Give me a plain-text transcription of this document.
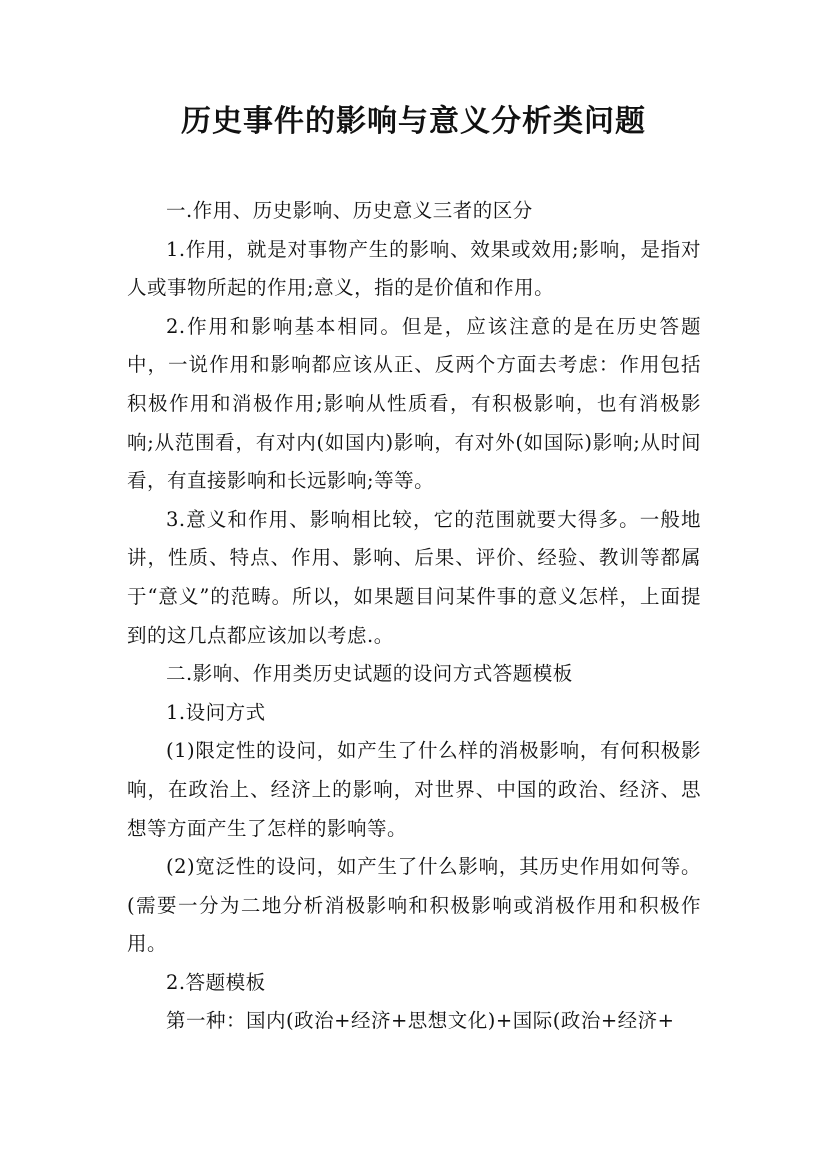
历史事件的影响与意义分析类问题

一.作用、历史影响、历史意义三者的区分

1.作用，就是对事物产生的影响、效果或效用;影响，是指对人或事物所起的作用;意义，指的是价值和作用。

2.作用和影响基本相同。但是，应该注意的是在历史答题中，一说作用和影响都应该从正、反两个方面去考虑：作用包括积极作用和消极作用;影响从性质看，有积极影响，也有消极影响;从范围看，有对内(如国内)影响，有对外(如国际)影响;从时间看，有直接影响和长远影响;等等。

3.意义和作用、影响相比较，它的范围就要大得多。一般地讲，性质、特点、作用、影响、后果、评价、经验、教训等都属于“意义”的范畴。所以，如果题目问某件事的意义怎样，上面提到的这几点都应该加以考虑.。

二.影响、作用类历史试题的设问方式答题模板

1.设问方式

(1)限定性的设问，如产生了什么样的消极影响，有何积极影响，在政治上、经济上的影响，对世界、中国的政治、经济、思想等方面产生了怎样的影响等。

(2)宽泛性的设问，如产生了什么影响，其历史作用如何等。(需要一分为二地分析消极影响和积极影响或消极作用和积极作用。

2.答题模板

第一种：国内(政治+经济+思想文化)+国际(政治+经济+
